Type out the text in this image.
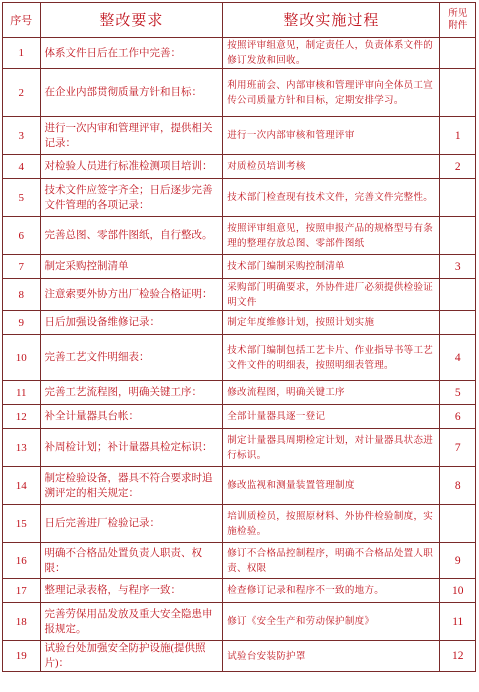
序号	整改要求	整改实施过程	所见附件
1	体系文件日后在工作中完善：	按照评审组意见，制定责任人，负责体系文件的修订发放和回收。	
2	在企业内部贯彻质量方针和目标：	利用班前会、内部审核和管理评审向全体员工宣传公司质量方针和目标，定期安排学习。	
3	进行一次内审和管理评审，提供相关记录：	进行一次内部审核和管理评审	1
4	对检验人员进行标准检测项目培训：	对质检员培训考核	2
5	技术文件应签字齐全；日后逐步完善文件管理的各项记录：	技术部门检查现有技术文件，完善文件完整性。	
6	完善总图、零部件图纸，自行整改。	按照评审组意见，按照申报产品的规格型号有条理的整理存放总图、零部件图纸	
7	制定采购控制清单	技术部门编制采购控制清单	3
8	注意索要外协方出厂检验合格证明：	采购部门明确要求，外协件进厂必须提供检验证明文件	
9	日后加强设备维修记录：	制定年度维修计划，按照计划实施	
10	完善工艺文件明细表：	技术部门编制包括工艺卡片、作业指导书等工艺文件文件的明细表，按照明细表管理。	4
11	完善工艺流程图，明确关键工序：	修改流程图，明确关键工序	5
12	补全计量器具台帐：	全部计量器具逐一登记	6
13	补周检计划；补计量器具检定标识：	制定计量器具周期检定计划，对计量器具状态进行标识。	7
14	制定检验设备，器具不符合要求时追溯评定的相关规定：	修改监视和测量装置管理制度	8
15	日后完善进厂检验记录：	培训质检员，按照原材料、外协件检验制度，实施检验。	
16	明确不合格品处置负责人职责、权限：	修订不合格品控制程序，明确不合格品处置人职责、权限	9
17	整理记录表格，与程序一致：	检查修订记录和程序不一致的地方。	10
18	完善劳保用品发放及重大安全隐患申报规定。	修订《安全生产和劳动保护制度》	11
19	试验台处加强安全防护设施(提供照片)：	试验台安装防护罩	12
